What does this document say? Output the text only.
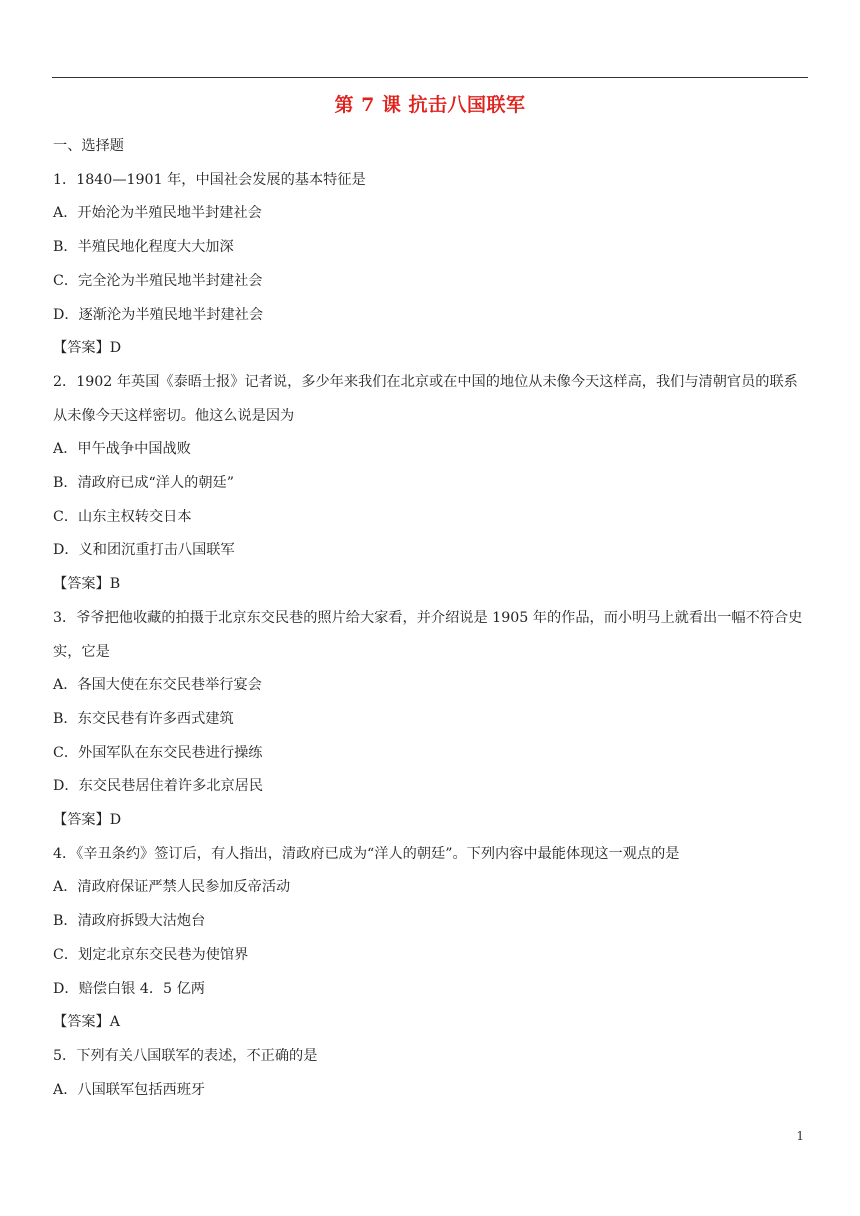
第 7 课 抗击八国联军
一、选择题
1．1840—1901 年，中国社会发展的基本特征是
A．开始沦为半殖民地半封建社会
B．半殖民地化程度大大加深
C．完全沦为半殖民地半封建社会
D．逐渐沦为半殖民地半封建社会
【答案】D
2．1902 年英国《泰晤士报》记者说，多少年来我们在北京或在中国的地位从未像今天这样高，我们与清朝官员的联系从未像今天这样密切。他这么说是因为
A．甲午战争中国战败
B．清政府已成“洋人的朝廷”
C．山东主权转交日本
D．义和团沉重打击八国联军
【答案】B
3．爷爷把他收藏的拍摄于北京东交民巷的照片给大家看，并介绍说是 1905 年的作品，而小明马上就看出一幅不符合史实，它是
A．各国大使在东交民巷举行宴会
B．东交民巷有许多西式建筑
C．外国军队在东交民巷进行操练
D．东交民巷居住着许多北京居民
【答案】D
4．《辛丑条约》签订后，有人指出，清政府已成为“洋人的朝廷”。下列内容中最能体现这一观点的是
A．清政府保证严禁人民参加反帝活动
B．清政府拆毁大沽炮台
C．划定北京东交民巷为使馆界
D．赔偿白银 4．5 亿两
【答案】A
5．下列有关八国联军的表述，不正确的是
A．八国联军包括西班牙
1
